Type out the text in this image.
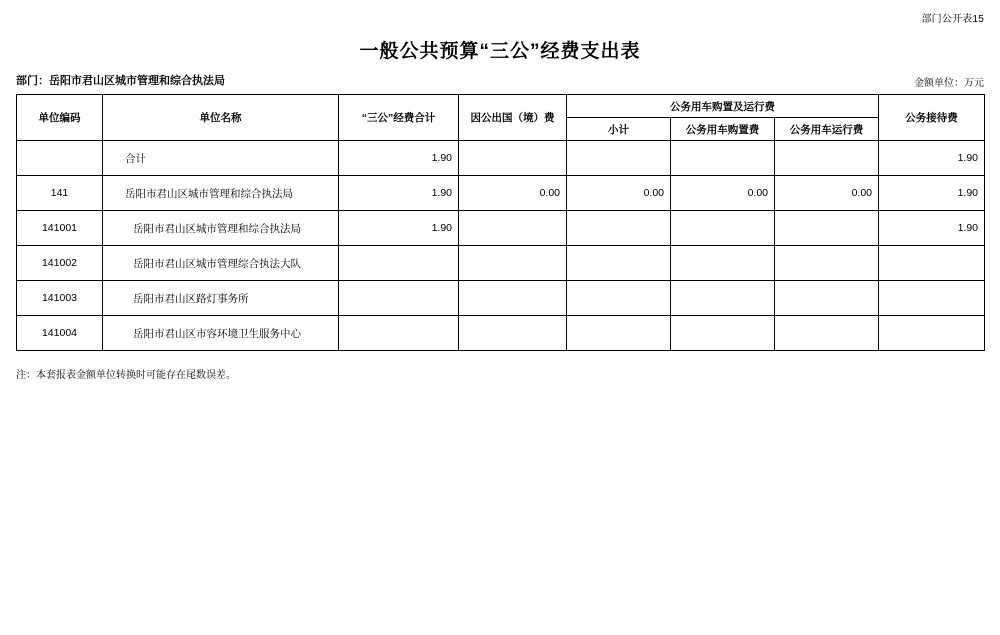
部门公开表15
一般公共预算“三公”经费支出表
部门：岳阳市君山区城市管理和综合执法局	金额单位：万元
单位编码	单位名称	“三公”经费合计	因公出国（境）费	公务用车购置及运行费			公务接待费
				小计	公务用车购置费	公务用车运行费	
	合计	1.90					1.90
141	岳阳市君山区城市管理和综合执法局	1.90	0.00	0.00	0.00	0.00	1.90
141001	岳阳市君山区城市管理和综合执法局	1.90					1.90
141002	岳阳市君山区城市管理综合执法大队						
141003	岳阳市君山区路灯事务所						
141004	岳阳市君山区市容环境卫生服务中心						
注：本套报表金额单位转换时可能存在尾数误差。
